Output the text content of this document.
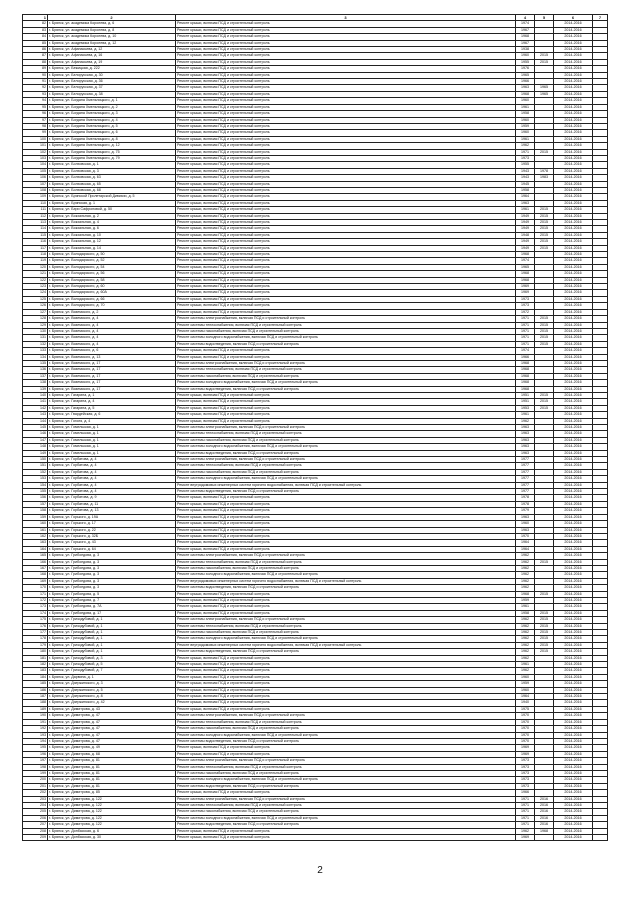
1	2	3	4	5	6	7
82	г. Брянск, ул. академика Королева, д. 6	Ремонт крыши, включая ПСД и строительный контроль	1974		2014-2016	
83	г. Брянск, ул. академика Королева, д. 8	Ремонт крыши, включая ПСД и строительный контроль	1967		2014-2016	
84	г. Брянск, ул. академика Королева, д. 10	Ремонт крыши, включая ПСД и строительный контроль	1968		2014-2016	
85	г. Брянск, ул. академика Королева, д. 12	Ремонт крыши, включая ПСД и строительный контроль	1967		2014-2016	
86	г. Брянск, ул. Афанасьева, д. 12	Ремонт крыши, включая ПСД и строительный контроль	1938		2014-2016	
87	г. Брянск, ул. Афанасьева, д. 16	Ремонт крыши, включая ПСД и строительный контроль	1960	2015	2014-2016	
88	г. Брянск, ул. Афанасьева, д. 19	Ремонт крыши, включая ПСД и строительный контроль	1955	2015	2014-2016	
89	г. Брянск, ул. Бежицкая, д. 222	Ремонт крыши, включая ПСД и строительный контроль	1976		2014-2016	
90	г. Брянск, ул. Белорусская, д. 30	Ремонт крыши, включая ПСД и строительный контроль	1965		2014-2016	
91	г. Брянск, ул. Белорусская, д. 36	Ремонт крыши, включая ПСД и строительный контроль	1966		2014-2016	
92	г. Брянск, ул. Белорусская, д. 37	Ремонт крыши, включая ПСД и строительный контроль	1963	1965	2014-2016	
93	г. Брянск, ул. Белорусская, д. 38	Ремонт крыши, включая ПСД и строительный контроль	1968	1965	2014-2016	
94	г. Брянск, ул. Богдана Хмельницкого, д. 1	Ремонт крыши, включая ПСД и строительный контроль	1960		2014-2016	
95	г. Брянск, ул. Богдана Хмельницкого, д. 2	Ремонт крыши, включая ПСД и строительный контроль	1961		2014-2016	
96	г. Брянск, ул. Богдана Хмельницкого, д. 3	Ремонт крыши, включая ПСД и строительный контроль	1958		2014-2016	
97	г. Брянск, ул. Богдана Хмельницкого, д. 4	Ремонт крыши, включая ПСД и строительный контроль	1960		2014-2016	
98	г. Брянск, ул. Богдана Хмельницкого, д. 5	Ремонт крыши, включая ПСД и строительный контроль	1959		2014-2016	
99	г. Брянск, ул. Богдана Хмельницкого, д. 6	Ремонт крыши, включая ПСД и строительный контроль	1960		2014-2016	
100	г. Брянск, ул. Богдана Хмельницкого, д. 8	Ремонт крыши, включая ПСД и строительный контроль	1961		2014-2016	
101	г. Брянск, ул. Богдана Хмельницкого, д. 12	Ремонт крыши, включая ПСД и строительный контроль	1962		2014-2016	
102	г. Брянск, ул. Богдана Хмельницкого, д. 75	Ремонт крыши, включая ПСД и строительный контроль	1971	2015	2014-2016	
103	г. Брянск, ул. Богдана Хмельницкого, д. 79	Ремонт крыши, включая ПСД и строительный контроль	1973		2014-2016	
104	г. Брянск, ул. Болховская, д. 1	Ремонт крыши, включая ПСД и строительный контроль	1955		2014-2016	
105	г. Брянск, ул. Болховская, д. 3	Ремонт крыши, включая ПСД и строительный контроль	1943	1978	2014-2016	
106	г. Брянск, ул. Болховская, д. 63	Ремонт крыши, включая ПСД и строительный контроль	1943	1983	2014-2016	
107	г. Брянск, ул. Болховская, д. 65	Ремонт крыши, включая ПСД и строительный контроль	1945		2014-2016	
108	г. Брянск, ул. Болховская, д. 68	Ремонт крыши, включая ПСД и строительный контроль	1958		2014-2016	
109	г. Брянск, ул. Брянской Пролетарской Дивизии, д. 5	Ремонт крыши, включая ПСД и строительный контроль	1964		2014-2016	
110	г. Брянск, ул. Брянская, д. 1	Ремонт крыши, включая ПСД и строительный контроль	1963		2014-2016	
111	г. Брянск, ул. Бэри Сафроновой, д. 50	Ремонт крыши, включая ПСД и строительный контроль	1961	2015	2014-2016	
112	г. Брянск, ул. Вокзальная, д. 2	Ремонт крыши, включая ПСД и строительный контроль	1949	2015	2014-2016	
113	г. Брянск, ул. Вокзальная, д. 4	Ремонт крыши, включая ПСД и строительный контроль	1949	2015	2014-2016	
114	г. Брянск, ул. Вокзальная, д. 6	Ремонт крыши, включая ПСД и строительный контроль	1949	2015	2014-2016	
115	г. Брянск, ул. Вокзальная, д. 10	Ремонт крыши, включая ПСД и строительный контроль	1948	2015	2014-2016	
116	г. Брянск, ул. Вокзальная, д. 12	Ремонт крыши, включая ПСД и строительный контроль	1949	2015	2014-2016	
117	г. Брянск, ул. Вокзальная, д. 14	Ремонт крыши, включая ПСД и строительный контроль	1949	2015	2014-2016	
118	г. Брянск, ул. Володарского, д. 50	Ремонт крыши, включая ПСД и строительный контроль	1968		2014-2016	
119	г. Брянск, ул. Володарского, д. 52	Ремонт крыши, включая ПСД и строительный контроль	1974		2014-2016	
120	г. Брянск, ул. Володарского, д. 54	Ремонт крыши, включая ПСД и строительный контроль	1965		2014-2016	
121	г. Брянск, ул. Володарского, д. 56	Ремонт крыши, включая ПСД и строительный контроль	1968		2014-2016	
122	г. Брянск, ул. Володарского, д. 58	Ремонт крыши, включая ПСД и строительный контроль	1968		2014-2016	
123	г. Брянск, ул. Володарского, д. 60	Ремонт крыши, включая ПСД и строительный контроль	1969		2014-2016	
124	г. Брянск, ул. Володарского, д. 60А	Ремонт крыши, включая ПСД и строительный контроль	1969		2014-2016	
125	г. Брянск, ул. Володарского, д. 66	Ремонт крыши, включая ПСД и строительный контроль	1973		2014-2016	
126	г. Брянск, ул. Володарского, д. 70	Ремонт крыши, включая ПСД и строительный контроль	1973		2014-2016	
127	г. Брянск, ул. Вяземского, д. 2	Ремонт крыши, включая ПСД и строительный контроль	1972		2014-2016	
128	г. Брянск, ул. Вяземского, д. 4	Ремонт системы электроснабжения, включая ПСД и строительный контроль	1971	2015	2014-2016	
129	г. Брянск, ул. Вяземского, д. 4	Ремонт системы теплоснабжения, включая ПСД и строительный контроль	1971	2015	2014-2016	
130	г. Брянск, ул. Вяземского, д. 4	Ремонт системы газоснабжения, включая ПСД и строительный контроль	1971	2015	2014-2016	
131	г. Брянск, ул. Вяземского, д. 4	Ремонт системы холодного водоснабжения, включая ПСД и строительный контроль	1971	2015	2014-2016	
132	г. Брянск, ул. Вяземского, д. 4	Ремонт системы водоотведения, включая ПСД и строительный контроль	1971	2015	2014-2016	
133	г. Брянск, ул. Вяземского, д. 6	Ремонт крыши, включая ПСД и строительный контроль	1974		2014-2016	
134	г. Брянск, ул. Вяземского, д. 13	Ремонт крыши, включая ПСД и строительный контроль	1966		2014-2016	
135	г. Брянск, ул. Вяземского, д. 17	Ремонт системы электроснабжения, включая ПСД и строительный контроль	1968		2014-2016	
136	г. Брянск, ул. Вяземского, д. 17	Ремонт системы теплоснабжения, включая ПСД и строительный контроль	1968		2014-2016	
137	г. Брянск, ул. Вяземского, д. 17	Ремонт системы газоснабжения, включая ПСД и строительный контроль	1968		2014-2016	
138	г. Брянск, ул. Вяземского, д. 17	Ремонт системы холодного водоснабжения, включая ПСД и строительный контроль	1968		2014-2016	
139	г. Брянск, ул. Вяземского, д. 17	Ремонт системы водоотведения, включая ПСД и строительный контроль	1968		2014-2016	
140	г. Брянск, ул. Гагарина, д. 1	Ремонт крыши, включая ПСД и строительный контроль	1951	2015	2014-2016	
141	г. Брянск, ул. Гагарина, д. 4	Ремонт крыши, включая ПСД и строительный контроль	1951	2015	2014-2016	
142	г. Брянск, ул. Гагарина, д. 5	Ремонт крыши, включая ПСД и строительный контроль	1953	2015	2014-2016	
143	г. Брянск, ул. Гвардейская, д. 6	Ремонт крыши, включая ПСД и строительный контроль	1961		2014-2016	
144	г. Брянск, ул. Гоголя, д. 4	Ремонт крыши, включая ПСД и строительный контроль	1962		2014-2016	
145	г. Брянск, ул. Гомельская, д. 1	Ремонт системы электроснабжения, включая ПСД и строительный контроль	1963		2014-2016	
146	г. Брянск, ул. Гомельская, д. 1	Ремонт системы теплоснабжения, включая ПСД и строительный контроль	1963		2014-2016	
147	г. Брянск, ул. Гомельская, д. 1	Ремонт системы газоснабжения, включая ПСД и строительный контроль	1963		2014-2016	
148	г. Брянск, ул. Гомельская, д. 1	Ремонт системы холодного водоснабжения, включая ПСД и строительный контроль	1963		2014-2016	
149	г. Брянск, ул. Гомельская, д. 1	Ремонт системы водоотведения, включая ПСД и строительный контроль	1963		2014-2016	
150	г. Брянск, ул. Горбатова, д. 4	Ремонт системы электроснабжения, включая ПСД и строительный контроль	1977		2014-2016	
151	г. Брянск, ул. Горбатова, д. 4	Ремонт системы теплоснабжения, включая ПСД и строительный контроль	1977		2014-2016	
152	г. Брянск, ул. Горбатова, д. 4	Ремонт системы газоснабжения, включая ПСД и строительный контроль	1977		2014-2016	
153	г. Брянск, ул. Горбатова, д. 4	Ремонт системы холодного водоснабжения, включая ПСД и строительный контроль	1977		2014-2016	
154	г. Брянск, ул. Горбатова, д. 4	Ремонт внутридомовых инженерных систем горячего водоснабжения, включая ПСД и строительный контроль	1977		2014-2016	
155	г. Брянск, ул. Горбатова, д. 4	Ремонт системы водоотведения, включая ПСД и строительный контроль	1977		2014-2016	
156	г. Брянск, ул. Горбатова, д. 9	Ремонт крыши, включая ПСД и строительный контроль	1978		2014-2016	
157	г. Брянск, ул. Горбатова, д. 11	Ремонт крыши, включая ПСД и строительный контроль	1978		2014-2016	
158	г. Брянск, ул. Горбатова, д. 13	Ремонт крыши, включая ПСД и строительный контроль	1979		2014-2016	
159	г. Брянск, ул. Горького, д. 19А	Ремонт крыши, включая ПСД и строительный контроль	1963		2014-2016	
160	г. Брянск, ул. Горького, д. 17	Ремонт крыши, включая ПСД и строительный контроль	1960		2014-2016	
161	г. Брянск, ул. Горького, д. 22	Ремонт крыши, включая ПСД и строительный контроль	1963		2014-2016	
162	г. Брянск, ул. Горького, д. 32Б	Ремонт крыши, включая ПСД и строительный контроль	1970		2014-2016	
163	г. Брянск, ул. Горького, д. 43	Ремонт крыши, включая ПСД и строительный контроль	1964		2014-2016	
164	г. Брянск, ул. Горького, д. 64	Ремонт крыши, включая ПСД и строительный контроль	1964		2014-2016	
165	г. Брянск, ул. Грибоедова, д. 3	Ремонт системы электроснабжения, включая ПСД и строительный контроль	1962		2014-2016	
166	г. Брянск, ул. Грибоедова, д. 3	Ремонт системы теплоснабжения, включая ПСД и строительный контроль	1962	2015	2014-2016	
167	г. Брянск, ул. Грибоедова, д. 3	Ремонт системы газоснабжения, включая ПСД и строительный контроль	1962		2014-2016	
168	г. Брянск, ул. Грибоедова, д. 3	Ремонт системы холодного водоснабжения, включая ПСД и строительный контроль	1962		2014-2016	
169	г. Брянск, ул. Грибоедова, д. 3	Ремонт внутридомовых инженерных систем горячего водоснабжения, включая ПСД и строительный контроль	1962		2014-2016	
170	г. Брянск, ул. Грибоедова, д. 3	Ремонт системы водоотведения, включая ПСД и строительный контроль	1962		2014-2016	
171	г. Брянск, ул. Грибоедова, д. 5	Ремонт крыши, включая ПСД и строительный контроль	1968	2015	2014-2016	
172	г. Брянск, ул. Грибоедова, д. 7	Ремонт крыши, включая ПСД и строительный контроль	1959		2014-2016	
173	г. Брянск, ул. Грибоедова, д. 7А	Ремонт крыши, включая ПСД и строительный контроль	1961		2014-2016	
174	г. Брянск, ул. Грибоедова, д. 17	Ремонт крыши, включая ПСД и строительный контроль	1958	2015	2014-2016	
175	г. Брянск, ул. Гризодубовой, д. 1	Ремонт системы электроснабжения, включая ПСД и строительный контроль	1962	2015	2014-2016	
176	г. Брянск, ул. Гризодубовой, д. 1	Ремонт системы теплоснабжения, включая ПСД и строительный контроль	1962	2015	2014-2016	
177	г. Брянск, ул. Гризодубовой, д. 1	Ремонт системы газоснабжения, включая ПСД и строительный контроль	1962	2015	2014-2016	
178	г. Брянск, ул. Гризодубовой, д. 1	Ремонт системы холодного водоснабжения, включая ПСД и строительный контроль	1962	2015	2014-2016	
179	г. Брянск, ул. Гризодубовой, д. 1	Ремонт внутридомовых инженерных систем горячего водоснабжения, включая ПСД и строительный контроль	1962	2015	2014-2016	
180	г. Брянск, ул. Гризодубовой, д. 1	Ремонт системы водоотведения, включая ПСД и строительный контроль	1962	2015	2014-2016	
181	г. Брянск, ул. Гризодубовой, д. 3	Ремонт крыши, включая ПСД и строительный контроль	1962		2014-2016	
182	г. Брянск, ул. Гризодубовой, д. 5	Ремонт крыши, включая ПСД и строительный контроль	1961		2014-2016	
183	г. Брянск, ул. Гризодубовой, д. 7	Ремонт крыши, включая ПСД и строительный контроль	1962		2014-2016	
184	г. Брянск, ул. Дарвина, д. 1	Ремонт крыши, включая ПСД и строительный контроль	1960		2014-2016	
185	г. Брянск, ул. Дзержинского, д. 3	Ремонт крыши, включая ПСД и строительный контроль	1959		2014-2016	
186	г. Брянск, ул. Дзержинского, д. 5	Ремонт крыши, включая ПСД и строительный контроль	1960		2014-2016	
187	г. Брянск, ул. Дзержинского, д. 8	Ремонт крыши, включая ПСД и строительный контроль	1964		2014-2016	
188	г. Брянск, ул. Дзержинского, д. 42	Ремонт крыши, включая ПСД и строительный контроль	1940		2014-2016	
189	г. Брянск, ул. Димитрова, д. 43	Ремонт крыши, включая ПСД и строительный контроль	1975		2014-2016	
190	г. Брянск, ул. Димитрова, д. 47	Ремонт системы электроснабжения, включая ПСД и строительный контроль	1970		2014-2016	
191	г. Брянск, ул. Димитрова, д. 47	Ремонт системы теплоснабжения, включая ПСД и строительный контроль	1970		2014-2016	
192	г. Брянск, ул. Димитрова, д. 47	Ремонт системы газоснабжения, включая ПСД и строительный контроль	1970		2014-2016	
193	г. Брянск, ул. Димитрова, д. 47	Ремонт системы холодного водоснабжения, включая ПСД и строительный контроль	1970		2014-2016	
194	г. Брянск, ул. Димитрова, д. 47	Ремонт системы водоотведения, включая ПСД и строительный контроль	1970		2014-2016	
195	г. Брянск, ул. Димитрова, д. 49	Ремонт крыши, включая ПСД и строительный контроль	1969		2014-2016	
196	г. Брянск, ул. Димитрова, д. 68	Ремонт крыши, включая ПСД и строительный контроль	1969		2014-2016	
197	г. Брянск, ул. Димитрова, д. 81	Ремонт системы электроснабжения, включая ПСД и строительный контроль	1973		2014-2016	
198	г. Брянск, ул. Димитрова, д. 81	Ремонт системы теплоснабжения, включая ПСД и строительный контроль	1973		2014-2016	
199	г. Брянск, ул. Димитрова, д. 81	Ремонт системы газоснабжения, включая ПСД и строительный контроль	1973		2014-2016	
200	г. Брянск, ул. Димитрова, д. 81	Ремонт системы холодного водоснабжения, включая ПСД и строительный контроль	1973		2014-2016	
201	г. Брянск, ул. Димитрова, д. 81	Ремонт системы водоотведения, включая ПСД и строительный контроль	1973		2014-2016	
202	г. Брянск, ул. Димитрова, д. 85	Ремонт крыши, включая ПСД и строительный контроль	1966		2014-2016	
203	г. Брянск, ул. Димитрова, д. 122	Ремонт системы электроснабжения, включая ПСД и строительный контроль	1971	2016	2014-2016	
204	г. Брянск, ул. Димитрова, д. 122	Ремонт системы теплоснабжения, включая ПСД и строительный контроль	1971	2016	2014-2016	
205	г. Брянск, ул. Димитрова, д. 122	Ремонт системы газоснабжения, включая ПСД и строительный контроль	1971	2016	2014-2016	
206	г. Брянск, ул. Димитрова, д. 122	Ремонт системы холодного водоснабжения, включая ПСД и строительный контроль	1971	2016	2014-2016	
207	г. Брянск, ул. Димитрова, д. 122	Ремонт системы водоотведения, включая ПСД и строительный контроль	1971	2016	2014-2016	
208	г. Брянск, ул. Донбасская, д. 6	Ремонт крыши, включая ПСД и строительный контроль	1962	1968	2014-2016	
209	г. Брянск, ул. Донбасская, д. 30	Ремонт крыши, включая ПСД и строительный контроль	1969		2014-2016	
2
